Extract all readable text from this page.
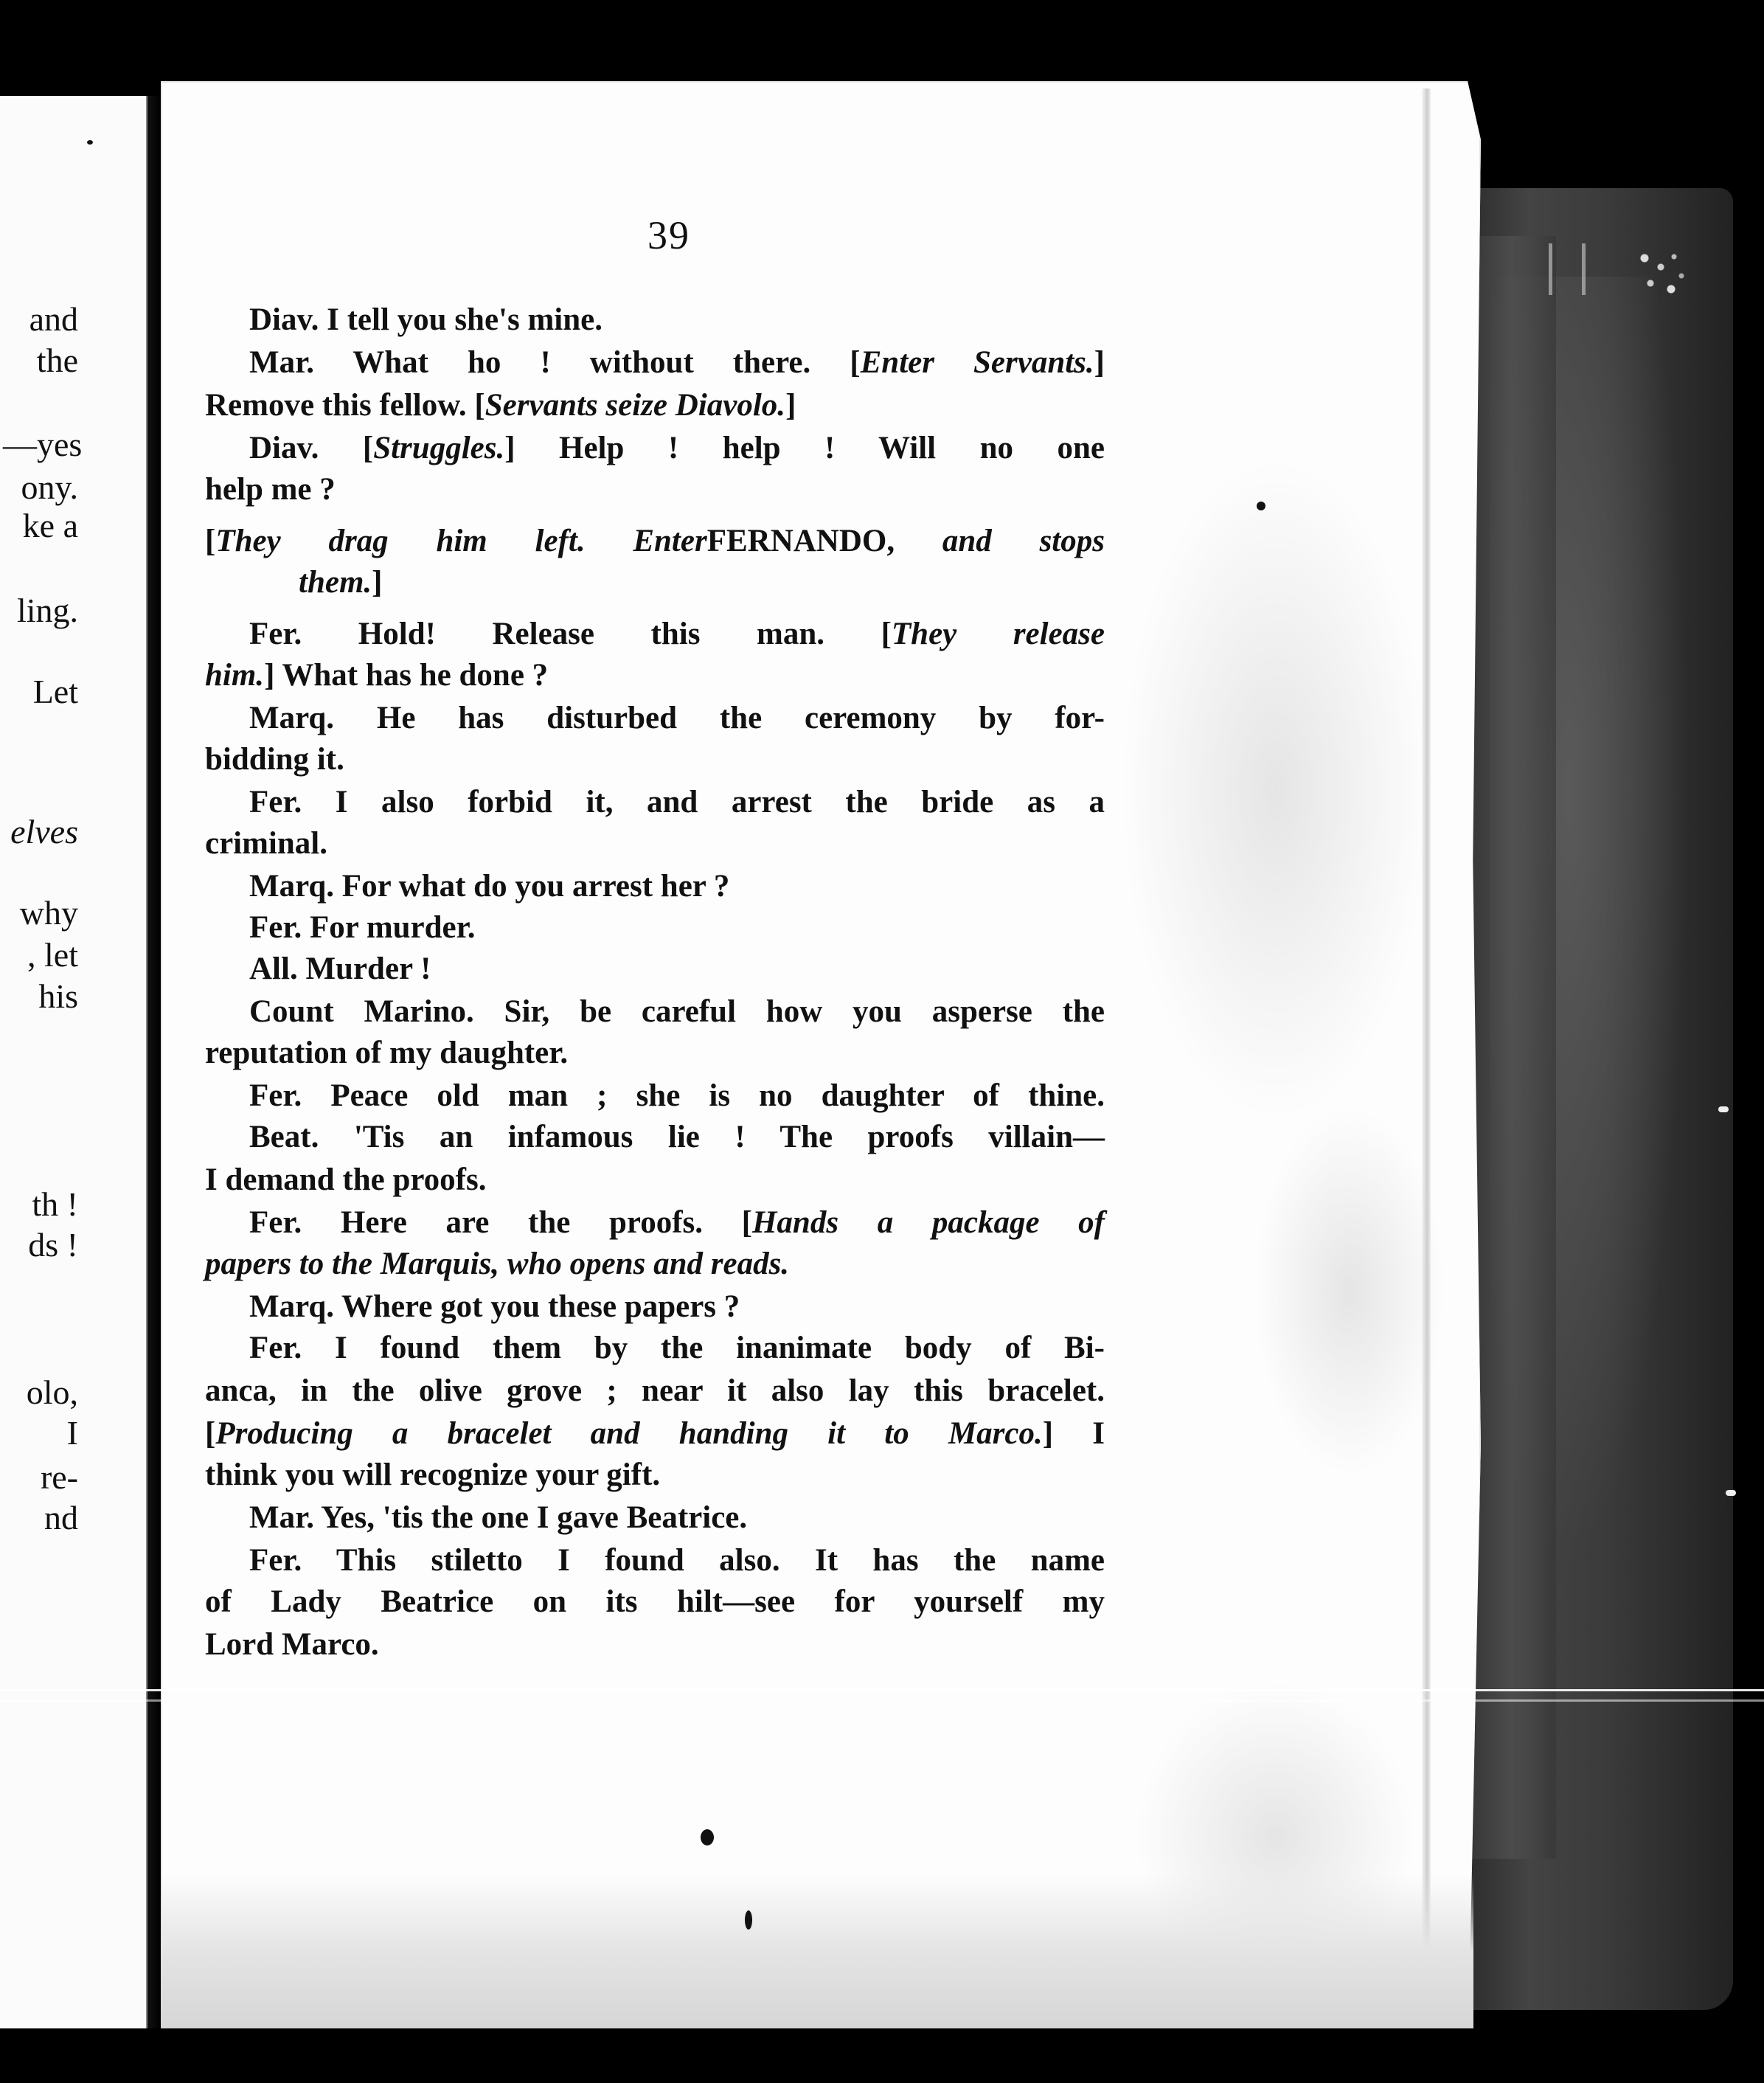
and
the
—yes
ony.
ke a
ling.
Let
elves
why
, let
his
th !
ds !
olo,
I
re-
nd
39
Diav. I tell you she's mine.
Mar. What ho ! without there. [Enter Servants.]
Remove this fellow. [Servants seize Diavolo.]
Diav. [Struggles.] Help ! help ! Will no one
help me ?
[They drag him left. EnterFERNANDO, and stops
them.]
Fer. Hold! Release this man. [They release
him.] What has he done ?
Marq. He has disturbed the ceremony by for-
bidding it.
Fer. I also forbid it, and arrest the bride as a
criminal.
Marq. For what do you arrest her ?
Fer. For murder.
All. Murder !
Count Marino. Sir, be careful how you asperse the
reputation of my daughter.
Fer. Peace old man ; she is no daughter of thine.
Beat. 'Tis an infamous lie ! The proofs villain—
I demand the proofs.
Fer. Here are the proofs. [Hands a package of
papers to the Marquis, who opens and reads.
Marq. Where got you these papers ?
Fer. I found them by the inanimate body of Bi-
anca, in the olive grove ; near it also lay this bracelet.
[Producing a bracelet and handing it to Marco.] I
think you will recognize your gift.
Mar. Yes, 'tis the one I gave Beatrice.
Fer. This stiletto I found also. It has the name
of Lady Beatrice on its hilt—see for yourself my
Lord Marco.
